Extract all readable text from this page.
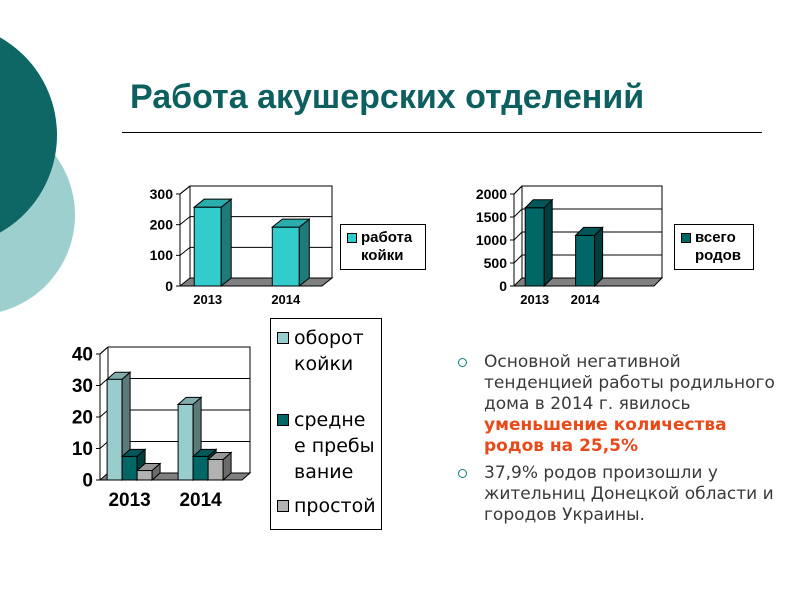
Работа акушерских отделений
0
100
200
300
2013	2014
работа койки
0
500
1000
1500
2000
2013 2014
всего родов
0
10
20
30
40
2013 2014
оборот койки
среднее пребывание
простой
Основной негативной тенденцией работы родильного дома в 2014 г. явилось уменьшение количества родов на 25,5%
37,9% родов произошли у жительниц Донецкой области и городов Украины.
